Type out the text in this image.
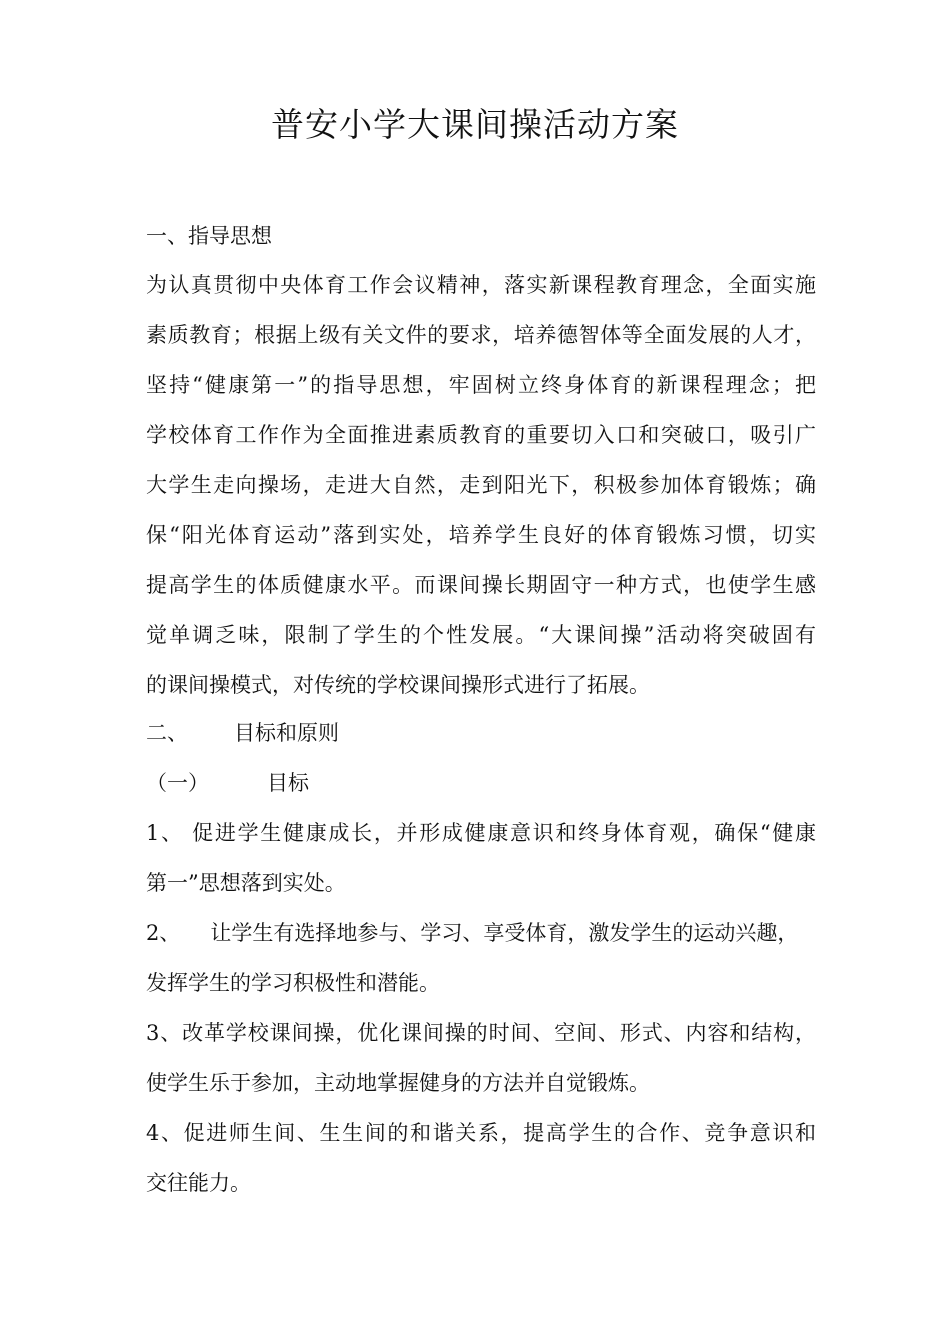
普安小学大课间操活动方案
一、指导思想
为认真贯彻中央体育工作会议精神，落实新课程教育理念，全面实施
素质教育；根据上级有关文件的要求，培养德智体等全面发展的人才，
坚持“健康第一”的指导思想，牢固树立终身体育的新课程理念；把
学校体育工作作为全面推进素质教育的重要切入口和突破口，吸引广
大学生走向操场，走进大自然，走到阳光下，积极参加体育锻炼；确
保“阳光体育运动”落到实处，培养学生良好的体育锻炼习惯，切实
提高学生的体质健康水平。而课间操长期固守一种方式，也使学生感
觉单调乏味，限制了学生的个性发展。“大课间操”活动将突破固有
的课间操模式，对传统的学校课间操形式进行了拓展。
二、 目标和原则
（一）	目标
1、 促进学生健康成长，并形成健康意识和终身体育观，确保“健康
第一”思想落到实处。
2、 让学生有选择地参与、学习、享受体育，激发学生的运动兴趣，
发挥学生的学习积极性和潜能。
3、改革学校课间操，优化课间操的时间、空间、形式、内容和结构，
使学生乐于参加，主动地掌握健身的方法并自觉锻炼。
4、促进师生间、生生间的和谐关系，提高学生的合作、竞争意识和
交往能力。
